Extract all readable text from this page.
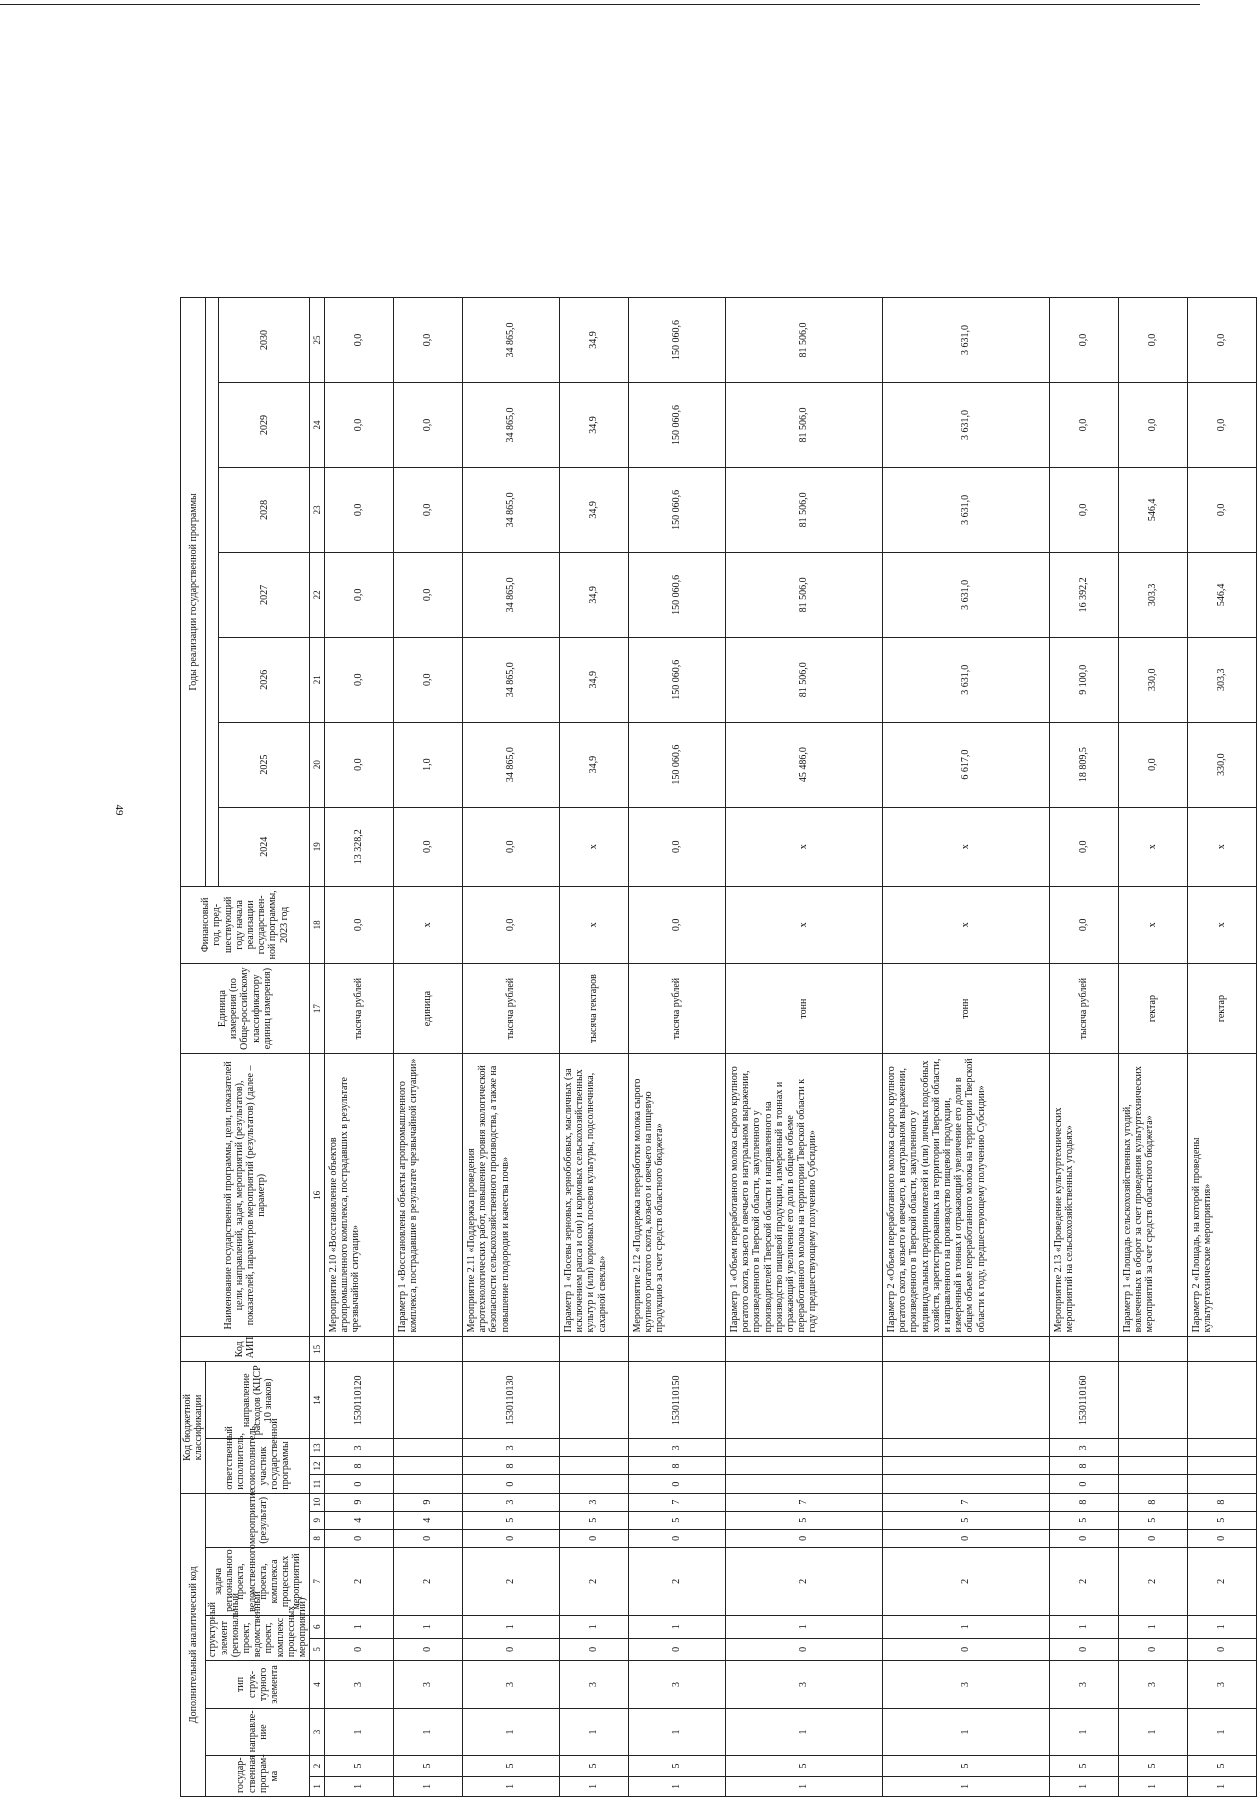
49
Дополнительный аналитический код										Код бюджетной классификации				Код АИП	Наименование государственной программы, цели, показателей цели, направлений, задач, мероприятий (результатов), показателей, параметров мероприятий (результатов) (далее – параметр)	Единица измерения (по Обще-российскому классификатору единиц измерения)	Финансовый год, пред-шествующий году начала реализации государствен-ной программы, 2023 год	Годы реализации государственной программы						
государ-ственная програм-ма		направле-ние	тип струк-турного элемента	структурный элемент (региональный проект, ведомственный проект, комплекс процессных мероприятий)		задача регионального проекта, ведомственного проекта, комплекса процессных мероприятий	мероприятие (результат)			ответственный исполнитель, соисполнитель, участник государственной программы			направление расходов (КЦСР 10 знаков)											
																		2024	2025	2026	2027	2028	2029	2030
1	2	3	4	5	6	7	8	9	10	11	12	13	14	15	16	17	18	19	20	21	22	23	24	25
1	5	1	3	0	1	2	0	4	9	0	8	3	1530110120		Мероприятие 2.10 «Восстановление объектов агропромышленного комплекса, пострадавших в результате чрезвычайной ситуации»	тысяча рублей	0,0	13 328,2	0,0	0,0	0,0	0,0	0,0	0,0
1	5	1	3	0	1	2	0	4	9						Параметр 1 «Восстановлены объекты агропромышленного комплекса, пострадавшие в результате чрезвычайной ситуации»	единица	x	0,0	1,0	0,0	0,0	0,0	0,0	0,0
1	5	1	3	0	1	2	0	5	3	0	8	3	1530110130		Мероприятие 2.11 «Поддержка проведения агротехнологических работ, повышение уровня экологической безопасности сельскохозяйственного производства, а также на повышение плодородия и качества почв»	тысяча рублей	0,0	0,0	34 865,0	34 865,0	34 865,0	34 865,0	34 865,0	34 865,0
1	5	1	3	0	1	2	0	5	3						Параметр 1 «Посевы зерновых, зернобобовых, масличных (за исключением рапса и сои) и кормовых сельскохозяйственных культур и (или) кормовых посевов культуры, подсолнечника, сахарной свеклы»	тысяча гектаров	x	x	34,9	34,9	34,9	34,9	34,9	34,9
1	5	1	3	0	1	2	0	5	7	0	8	3	1530110150		Мероприятие 2.12 «Поддержка переработки молока сырого крупного рогатого скота, козьего и овечьего на пищевую продукцию за счет средств областного бюджета»	тысяча рублей	0,0	0,0	150 060,6	150 060,6	150 060,6	150 060,6	150 060,6	150 060,6
1	5	1	3	0	1	2	0	5	7						Параметр 1 «Объем переработанного молока сырого крупного рогатого скота, козьего и овечьего в натуральном выражении, произведенного в Тверской области, закупленного у производителей Тверской области и направленного на производство пищевой продукции, измеренный в тоннах и отражающий увеличение его доли в общем объеме переработанного молока на территории Тверской области к году предшествующему получению Субсидии»	тонн	x	x	45 486,0	81 506,0	81 506,0	81 506,0	81 506,0	81 506,0
1	5	1	3	0	1	2	0	5	7						Параметр 2 «Объем переработанного молока сырого крупного рогатого скота, козьего и овечьего, в натуральном выражении, произведенного в Тверской области, закупленного у индивидуальных предпринимателей и (или) личных подсобных хозяйств, зарегистрированных на территории Тверской области, и направленного на производство пищевой продукции, измеренный в тоннах и отражающий увеличение его доли в общем объеме переработанного молока на территории Тверской области к году, предшествующему получению Субсидии»	тонн	x	x	6 617,0	3 631,0	3 631,0	3 631,0	3 631,0	3 631,0
1	5	1	3	0	1	2	0	5	8	0	8	3	1530110160		Мероприятие 2.13 «Проведение культуртехнических мероприятий на сельскохозяйственных угодьях»	тысяча рублей	0,0	0,0	18 809,5	9 100,0	16 392,2	0,0	0,0	0,0
1	5	1	3	0	1	2	0	5	8						Параметр 1 «Площадь сельскохозяйственных угодий, вовлеченных в оборот за счет проведения культуртехнических мероприятий за счет средств областного бюджета»	гектар	x	x	0,0	330,0	303,3	546,4	0,0	0,0
1	5	1	3	0	1	2	0	5	8						Параметр 2 «Площадь, на которой проведены культуртехнические мероприятия»	гектар	x	x	330,0	303,3	546,4	0,0	0,0	0,0
